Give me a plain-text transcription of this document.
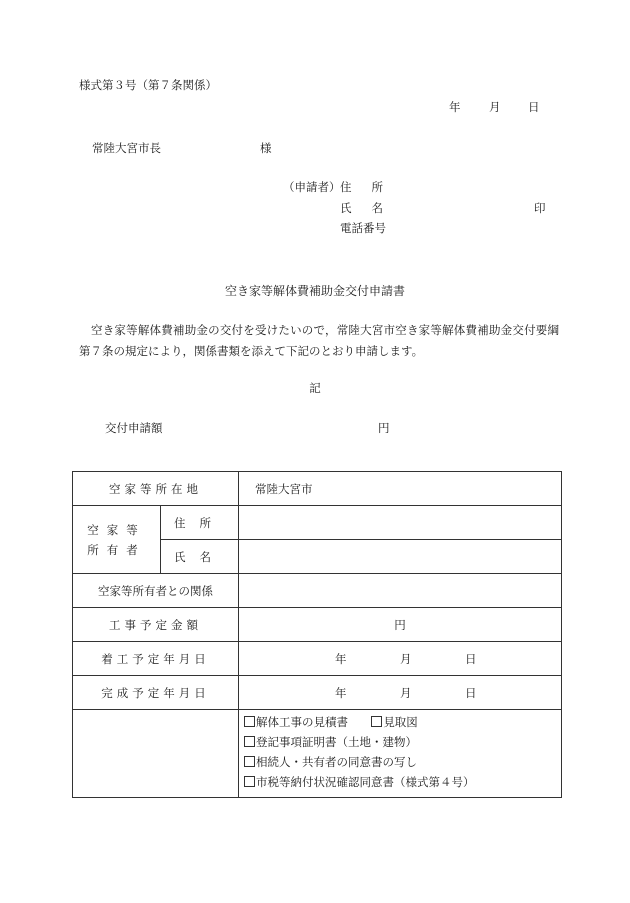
様式第３号（第７条関係）
年 月 日
常陸大宮市長	様
（申請者） 住所
氏名
電話番号
印
空き家等解体費補助金交付申請書
空き家等解体費補助金の交付を受けたいので，常陸大宮市空き家等解体費補助金交付要綱第７条の規定により，関係書類を添えて下記のとおり申請します。
記
交付申請額	円
空家等所在地		常陸大宮市

空家等
所有者	住所	
	氏名	
空家等所有者との関係		
工事予定金額		円
着工予定年月日		年 月 日

完成予定年月日		年 月 日

		解体工事の見積書 見取図
登記事項証明書（土地・建物）
相続人・共有者の同意書の写し
市税等納付状況確認同意書（様式第４号）
